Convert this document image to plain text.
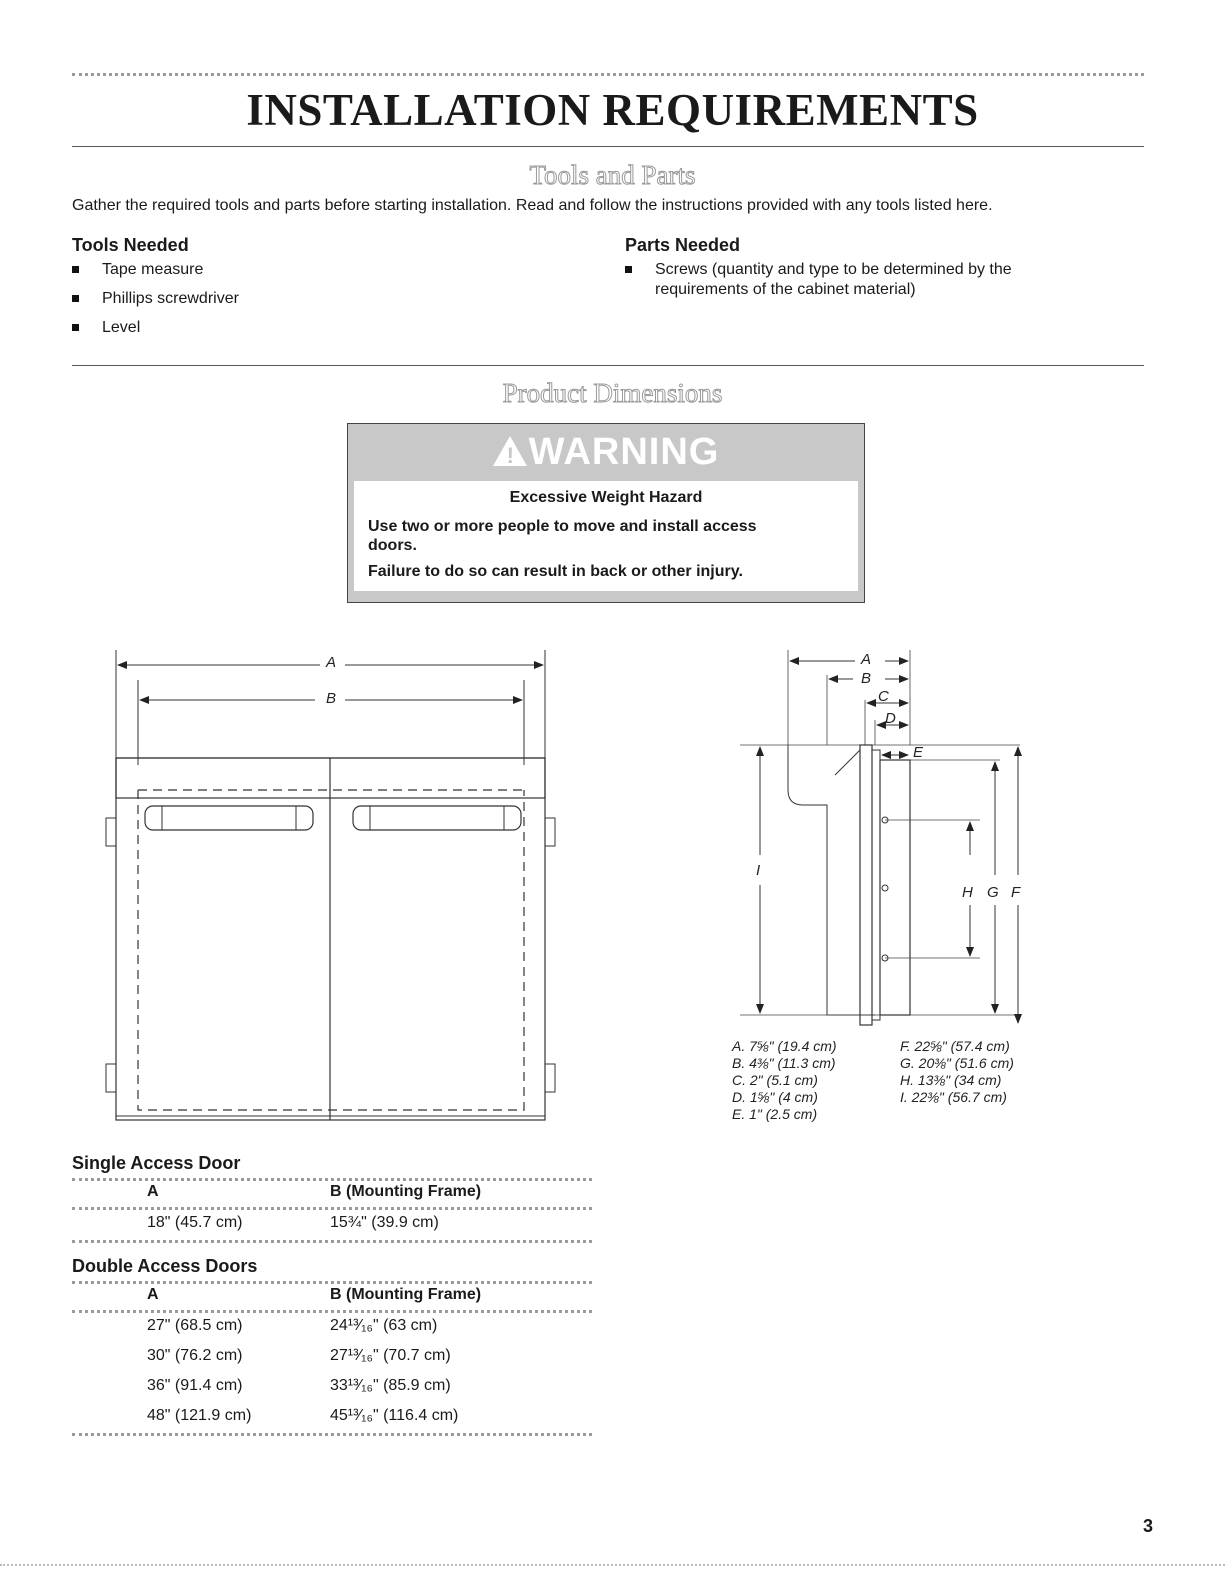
INSTALLATION REQUIREMENTS
Tools and Parts
Gather the required tools and parts before starting installation. Read and follow the instructions provided with any tools listed here.
Tools Needed
Tape measure
Phillips screwdriver
Level
Parts Needed
Screws (quantity and type to be determined by the requirements of the cabinet material)
Product Dimensions
! WARNING
Excessive Weight Hazard
Use two or more people to move and install access doors.
Failure to do so can result in back or other injury.
A
B
A
B
C
D
E
F
G
H
I
A. 7⅝" (19.4 cm)
B. 4⅜" (11.3 cm)
C. 2" (5.1 cm)
D. 1⅝" (4 cm)
E. 1" (2.5 cm)
F. 22⅝" (57.4 cm)
G. 20⅜" (51.6 cm)
H. 13⅜" (34 cm)
I. 22⅜" (56.7 cm)
Single Access Door
A	B (Mounting Frame)
18" (45.7 cm)	15¾" (39.9 cm)
Double Access Doors
A	B (Mounting Frame)
27" (68.5 cm)	24¹³⁄₁₆" (63 cm)
30" (76.2 cm)	27¹³⁄₁₆" (70.7 cm)
36" (91.4 cm)	33¹³⁄₁₆" (85.9 cm)
48" (121.9 cm)	45¹³⁄₁₆" (116.4 cm)
3
